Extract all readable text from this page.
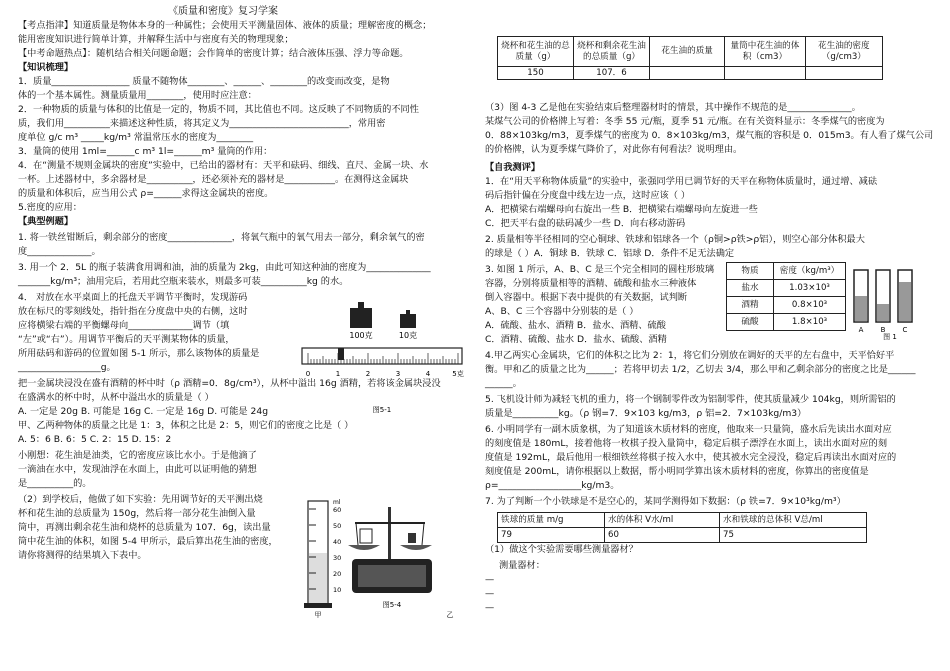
《质量和密度》复习学案
【考点指津】知道质量是物体本身的一种属性；会使用天平测量固体、液体的质量；理解密度的概念；
能用密度知识进行简单计算，并解释生活中与密度有关的物理现象；
【中考命题热点】：随机结合相关问题命题；会作简单的密度计算；结合液体压强、浮力等命题。
【知识梳理】
1．质量_________________ 质量不随物体________、______、________的改变而改变，是物
体的一个基本属性。测量质量用________，使用时应注意：
2．一种物质的质量与体积的比值是一定的，物质不同，其比值也不同。这反映了不同物质的不同性
质，我们用__________来描述这种性质，将其定义为__________________________，常用密
度单位 g/c m³ _____kg/m³ 常温常压水的密度为________
3．量筒的使用 1ml=______c m³ 1l=______m³ 量筒的作用：
4．在“测量不规则金属块的密度”实验中，已给出的器材有：天平和砝码、细线、直尺、金属一块、水
一杯。上述器材中，多余器材是__________，还必须补充的器材是___________。在测得这金属块
的质量和体积后，应当用公式 ρ=______求得这金属块的密度。
5.密度的应用：
【典型例题】
1. 将一铁丝钳断后，剩余部分的密度______________，将氧气瓶中的氧气用去一部分，剩余氧气的密
度______________。
3. 用一个 2．5L 的瓶子装满食用调和油，油的质量为 2kg，由此可知这种油的密度为______________
_______kg/m³；油用完后，若用此空瓶来装水，则最多可装__________kg 的水。
4． 对放在水平桌面上的托盘天平调节平衡时，发现游码
放在标尺的零刻线处，指针指在分度盘中央的右侧，这时
应将横梁右端的平衡螺母向______________调节（填
“左”或“右”）。用调节平衡后的天平测某物体的质量，
所用砝码和游码的位置如图 5-1 所示，那么该物体的质量是
__________________g。
把一金属块浸没在盛有酒精的杯中时（ρ 酒精=0．8g/cm³），从杯中溢出 16g 酒精，若将该金属块浸没
在盛满水的杯中时，从杯中溢出水的质量是（ ）
A. 一定是 20g B. 可能是 16g C. 一定是 16g D. 可能是 24g
甲、乙两种物体的质量之比是 1：3，体积之比是 2：5，则它们的密度之比是（ ）
A. 5：6 B. 6：5 C. 2：15 D. 15：2
小刚想：花生油是油类，它的密度应该比水小。于是他滴了
一滴油在水中，发现油浮在水面上，由此可以证明他的猜想
是__________的。
（2）到学校后，他做了如下实验：先用调节好的天平测出烧
杯和花生油的总质量为 150g，然后将一部分花生油倒入量
筒中，再测出剩余花生油和烧杯的总质量为 107．6g，读出量
筒中花生油的体积，如图 5-4 甲所示，最后算出花生油的密度，
请你将测得的结果填入下表中。
100克	10克
0	1	2	3	4	5克
图5-1
60
50
40
30
20
10
ml
甲
图5-4
乙
烧杯和花生油的总质量（g）	烧杯和剩余花生油的总质量（g）	花生油的质量	量筒中花生油的体积（cm3）	花生油的密度（g/cm3）
150	107．6			
（3）图 4-3 乙是他在实验结束后整理器材时的情景，其中操作不规范的是______________。
某煤气公司的价格牌上写着：冬季 55 元/瓶，夏季 51 元/瓶。在有关资料显示：冬季煤气的密度为
0．88×103kg/m3，夏季煤气的密度为 0．8×103kg/m3，煤气瓶的容积是 0．015m3。有人看了煤气公司
的价格牌，认为夏季煤气降价了，对此你有何看法？说明理由。
【自我测评】
1．在“用天平称物体质量”的实验中，张强同学用已调节好的天平在称物体质量时，通过增、减砝
码后指针偏在分度盘中线左边一点，这时应该（ ）
A．把横梁右端螺母向右旋出一些 B．把横梁右端螺母向左旋进一些
C．把天平右盘的砝码减少一些 D．向右移动游码
2. 质量相等半径相同的空心铜球、铁球和铝球各一个（ρ铜>ρ铁>ρ铝），则空心部分体积最大
的球是（ ）A．铜球 B．铁球 C．铝球 D．条件不足无法确定
3. 如图 1 所示，A、B、C 是三个完全相同的圆柱形玻璃
容器，分别将质量相等的酒精、硫酸和盐水三种液体
倒入容器中。根据下表中提供的有关数据，试判断
A、B、C 三个容器中分别装的是（ ）
A．硫酸、盐水、酒精 B．盐水、酒精、硫酸
C．酒精、硫酸、盐水 D．盐水、硫酸、酒精
4.甲乙两实心金属块，它们的体积之比为 2：1，将它们分别放在调好的天平的左右盘中，天平恰好平
衡。甲和乙的质量之比为______；若将甲切去 1/2，乙切去 3/4，那么甲和乙剩余部分的密度之比是______
______。
5. 飞机设计师为减轻飞机的重力，将一个钢制零件改为铝制零件，使其质量减少 104kg，则所需铝的
质量是__________kg。（ρ 钢=7．9×103 kg/m3，ρ 铝=2．7×103kg/m3）
6. 小明同学有一副木质象棋，为了知道该木质材料的密度，他取来一只量筒，盛水后先读出水面对应
的刻度值是 180mL，接着他将一枚棋子投入量筒中，稳定后棋子漂浮在水面上，读出水面对应的刻
度值是 192mL，最后他用一根细铁丝将棋子按入水中，使其被水完全浸没，稳定后再读出水面对应的
刻度值是 200mL，请你根据以上数据，帮小明同学算出该木质材料的密度，你算出的密度值是
ρ=__________________kg/m3。
7. 为了判断一个小铁球是不是空心的，某同学测得如下数据：（ρ 铁=7．9×10³kg/m³）
（1）做这个实验需要哪些测量器材？
测量器材：
—
—
—
物质	密度（kg/m³）
盐水	1.03×10³
酒精	0.8×10³
硫酸	1.8×10³
A B C
图 1
铁球的质量 m/g	水的体积 V水/ml	水和铁球的总体积 V总/ml
79	60	75
